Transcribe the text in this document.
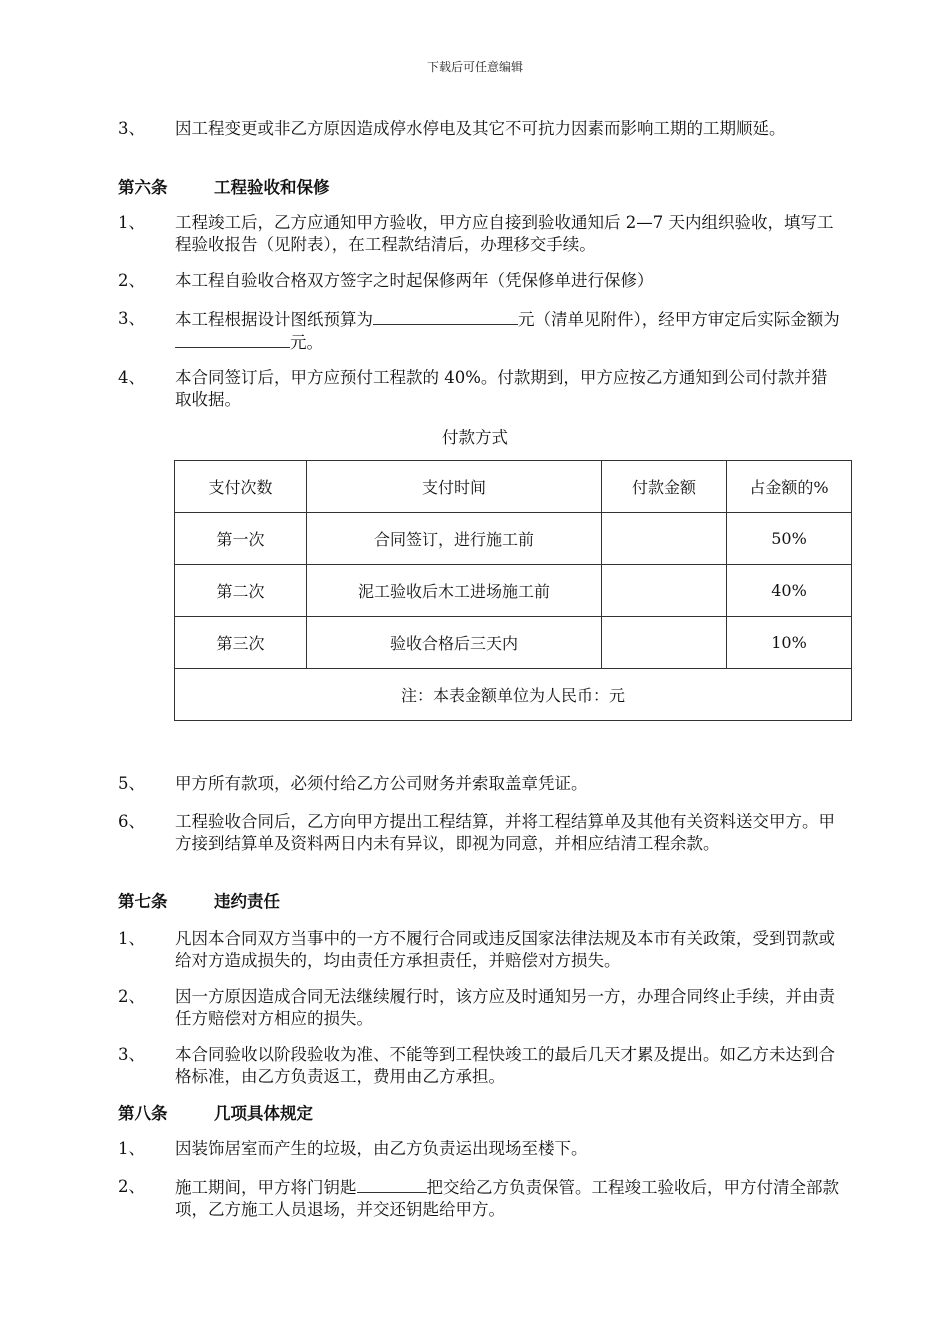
下载后可任意编辑
3、	因工程变更或非乙方原因造成停水停电及其它不可抗力因素而影响工期的工期顺延。
第六条	工程验收和保修
1、	工程竣工后，乙方应通知甲方验收，甲方应自接到验收通知后 2—7 天内组织验收，填写工程验收报告（见附表），在工程款结清后，办理移交手续。
2、	本工程自验收合格双方签字之时起保修两年（凭保修单进行保修）
3、	本工程根据设计图纸预算为	元（清单见附件），经甲方审定后实际金额为元。
4、	本合同签订后，甲方应预付工程款的 40%。付款期到，甲方应按乙方通知到公司付款并猎取收据。
付款方式
支付次数	支付时间	付款金额	占金额的%
第一次	合同签订，进行施工前		50%
第二次	泥工验收后木工进场施工前		40%
第三次	验收合格后三天内		10%
注：本表金额单位为人民币：元			
5、	甲方所有款项，必须付给乙方公司财务并索取盖章凭证。
6、	工程验收合同后，乙方向甲方提出工程结算，并将工程结算单及其他有关资料送交甲方。甲方接到结算单及资料两日内未有异议，即视为同意，并相应结清工程余款。
第七条	违约责任
1、	凡因本合同双方当事中的一方不履行合同或违反国家法律法规及本市有关政策，受到罚款或给对方造成损失的，均由责任方承担责任，并赔偿对方损失。
2、	因一方原因造成合同无法继续履行时，该方应及时通知另一方，办理合同终止手续，并由责任方赔偿对方相应的损失。
3、	本合同验收以阶段验收为准、不能等到工程快竣工的最后几天才累及提出。如乙方未达到合格标准，由乙方负责返工，费用由乙方承担。
第八条	几项具体规定
1、	因装饰居室而产生的垃圾，由乙方负责运出现场至楼下。
2、	施工期间，甲方将门钥匙	把交给乙方负责保管。工程竣工验收后，甲方付清全部款项，乙方施工人员退场，并交还钥匙给甲方。
